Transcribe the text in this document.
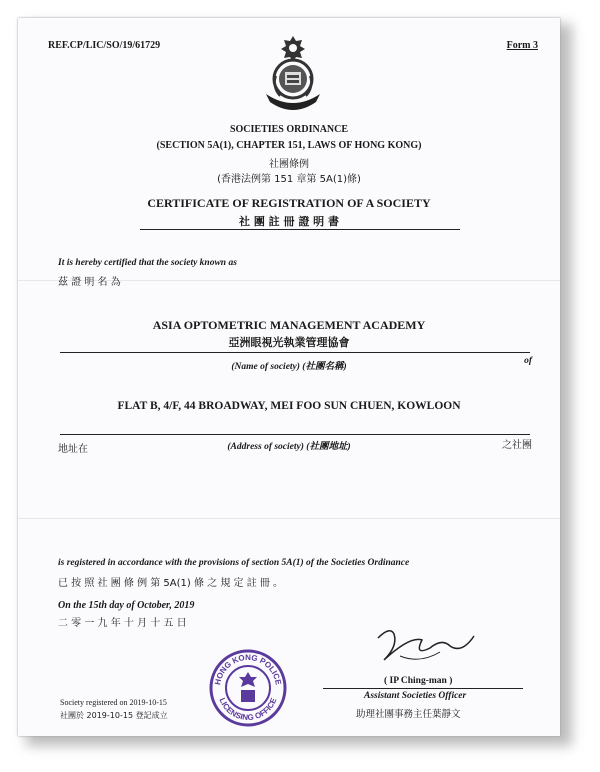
REF.CP/LIC/SO/19/61729	Form 3
SOCIETIES ORDINANCE
(SECTION 5A(1), CHAPTER 151, LAWS OF HONG KONG)
社團條例
(香港法例第 151 章第 5A(1)條)
CERTIFICATE OF REGISTRATION OF A SOCIETY
社 團 註 冊 證 明 書
It is hereby certified that the society known as
茲 證 明 名 為
ASIA OPTOMETRIC MANAGEMENT ACADEMY
亞洲眼視光執業管理協會
(Name of society) (社團名稱)
of
FLAT B, 4/F, 44 BROADWAY, MEI FOO SUN CHUEN, KOWLOON
地址在	(Address of society) (社團地址)	之社團
is registered in accordance with the provisions of section 5A(1) of the Societies Ordinance
已 按 照 社 團 條 例 第 5A(1) 條 之 規 定 註 冊 。
On the 15th day of October, 2019
二 零 一 九 年 十 月 十 五 日
( IP Ching-man )
Assistant Societies Officer
助理社團事務主任葉靜文
Society registered on 2019-10-15
社團於 2019-10-15 登記成立
HONG KONG POLICE
LICENSING OFFICE
